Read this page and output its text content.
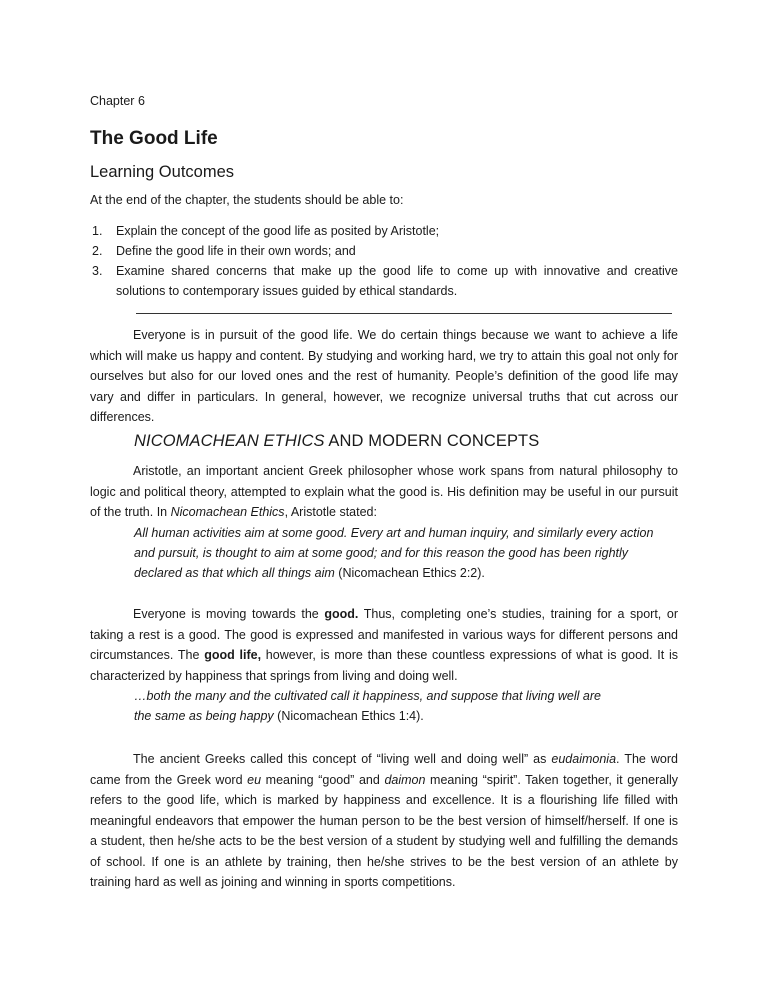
Chapter 6
The Good Life
Learning Outcomes
At the end of the chapter, the students should be able to:
1.	Explain the concept of the good life as posited by Aristotle;
2.	Define the good life in their own words; and
3.	Examine shared concerns that make up the good life to come up with innovative and creative solutions to contemporary issues guided by ethical standards.

Everyone is in pursuit of the good life. We do certain things because we want to achieve a life which will make us happy and content. By studying and working hard, we try to attain this goal not only for ourselves but also for our loved ones and the rest of humanity. People’s definition of the good life may vary and differ in particulars. In general, however, we recognize universal truths that cut across our differences.

NICOMACHEAN ETHICS AND MODERN CONCEPTS

Aristotle, an important ancient Greek philosopher whose work spans from natural philosophy to logic and political theory, attempted to explain what the good is. His definition may be useful in our pursuit of the truth. In Nicomachean Ethics, Aristotle stated:

All human activities aim at some good. Every art and human inquiry, and similarly every action and pursuit, is thought to aim at some good; and for this reason the good has been rightly declared as that which all things aim (Nicomachean Ethics 2:2).

Everyone is moving towards the good. Thus, completing one’s studies, training for a sport, or taking a rest is a good. The good is expressed and manifested in various ways for different persons and circumstances. The good life, however, is more than these countless expressions of what is good. It is characterized by happiness that springs from living and doing well.

…both the many and the cultivated call it happiness, and suppose that living well are
the same as being happy (Nicomachean Ethics 1:4).

The ancient Greeks called this concept of “living well and doing well” as eudaimonia. The word came from the Greek word eu meaning “good” and daimon meaning “spirit”. Taken together, it generally refers to the good life, which is marked by happiness and excellence. It is a flourishing life filled with meaningful endeavors that empower the human person to be the best version of himself/herself. If one is a student, then he/she acts to be the best version of a student by studying well and fulfilling the demands of school. If one is an athlete by training, then he/she strives to be the best version of an athlete by training hard as well as joining and winning in sports competitions.
